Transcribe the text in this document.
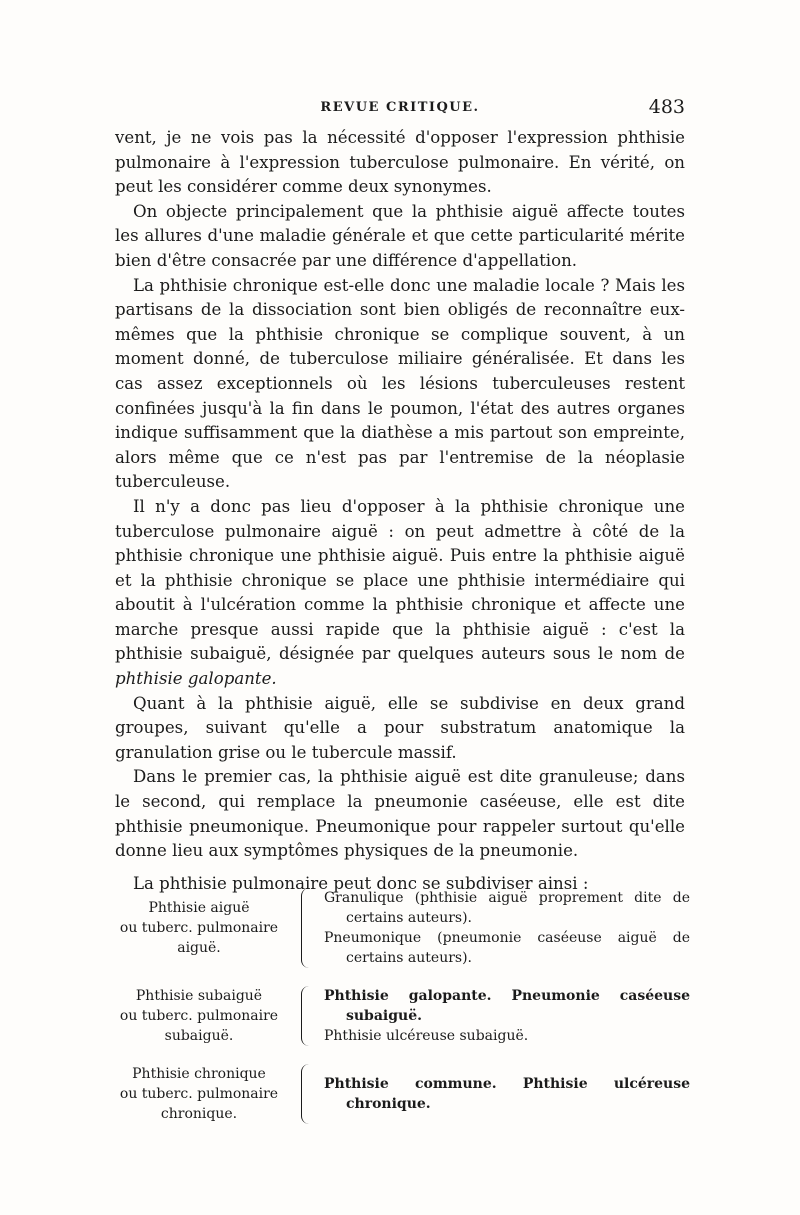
REVUE CRITIQUE.	483

vent, je ne vois pas la nécessité d'opposer l'expression phthisie pulmonaire à l'expression tuberculose pulmonaire. En vérité, on peut les considérer comme deux synonymes.

On objecte principalement que la phthisie aiguë affecte toutes les allures d'une maladie générale et que cette particularité mérite bien d'être consacrée par une différence d'appellation.

La phthisie chronique est-elle donc une maladie locale ? Mais les partisans de la dissociation sont bien obligés de reconnaître eux-mêmes que la phthisie chronique se complique souvent, à un moment donné, de tuberculose miliaire généralisée. Et dans les cas assez exceptionnels où les lésions tuberculeuses restent confinées jusqu'à la fin dans le poumon, l'état des autres organes indique suffisamment que la diathèse a mis partout son empreinte, alors même que ce n'est pas par l'entremise de la néoplasie tuberculeuse.

Il n'y a donc pas lieu d'opposer à la phthisie chronique une tuberculose pulmonaire aiguë : on peut admettre à côté de la phthisie chronique une phthisie aiguë. Puis entre la phthisie aiguë et la phthisie chronique se place une phthisie intermédiaire qui aboutit à l'ulcération comme la phthisie chronique et affecte une marche presque aussi rapide que la phthisie aiguë : c'est la phthisie subaiguë, désignée par quelques auteurs sous le nom de phthisie galopante.

Quant à la phthisie aiguë, elle se subdivise en deux grand groupes, suivant qu'elle a pour substratum anatomique la granulation grise ou le tubercule massif.

Dans le premier cas, la phthisie aiguë est dite granuleuse; dans le second, qui remplace la pneumonie caséeuse, elle est dite phthisie pneumonique. Pneumonique pour rappeler surtout qu'elle donne lieu aux symptômes physiques de la pneumonie.

La phthisie pulmonaire peut donc se subdiviser ainsi :

Phthisie aiguë
ou tuberc. pulmonaire
aiguë.
Granulique (phthisie aiguë proprement dite de certains auteurs).
Pneumonique (pneumonie caséeuse aiguë de certains auteurs).
Phthisie subaiguë
ou tuberc. pulmonaire
subaiguë.
Phthisie galopante. Pneumonie caséeuse subaiguë.
Phthisie ulcéreuse subaiguë.
Phthisie chronique
ou tuberc. pulmonaire
chronique.
Phthisie commune. Phthisie ulcéreuse chronique.
